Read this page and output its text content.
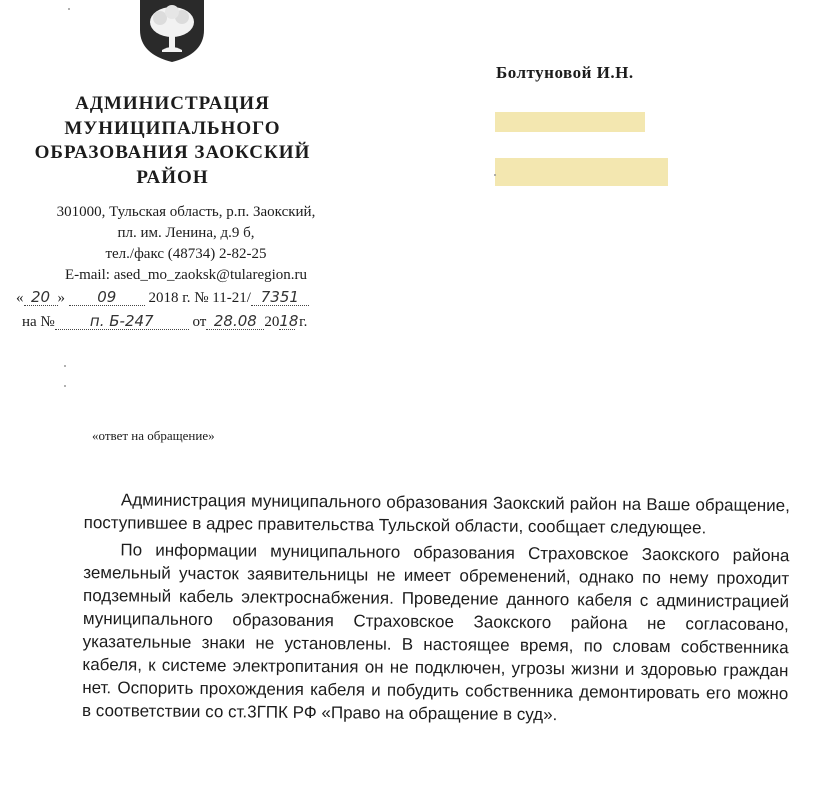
АДМИНИСТРАЦИЯ
МУНИЦИПАЛЬНОГО
ОБРАЗОВАНИЯ ЗАОКСКИЙ
РАЙОН
301000, Тульская область, р.п. Заокский,
пл. им. Ленина, д.9 б,
тел./факс (48734) 2-82-25
E-mail: ased_mo_zaoksk@tularegion.ru
« 20 » 09 2018 г. № 11-21/ 7351
на № п. Б-247	от 28.08 2018 г.
Болтуновой И.Н.
«ответ на обращение»

Администрация муниципального образования Заокский район на Ваше обращение, поступившее в адрес правительства Тульской области, сообщает следующее.

По информации муниципального образования Страховское Заокского района земельный участок заявительницы не имеет обременений, однако по нему проходит подземный кабель электроснабжения. Проведение данного кабеля с администрацией муниципального образования Страховское Заокского района не согласовано, указательные знаки не установлены. В настоящее время, по словам собственника кабеля, к системе электропитания он не подключен, угрозы жизни и здоровью граждан нет. Оспорить прохождения кабеля и побудить собственника демонтировать его можно в соответствии со ст.3ГПК РФ «Право на обращение в суд».
